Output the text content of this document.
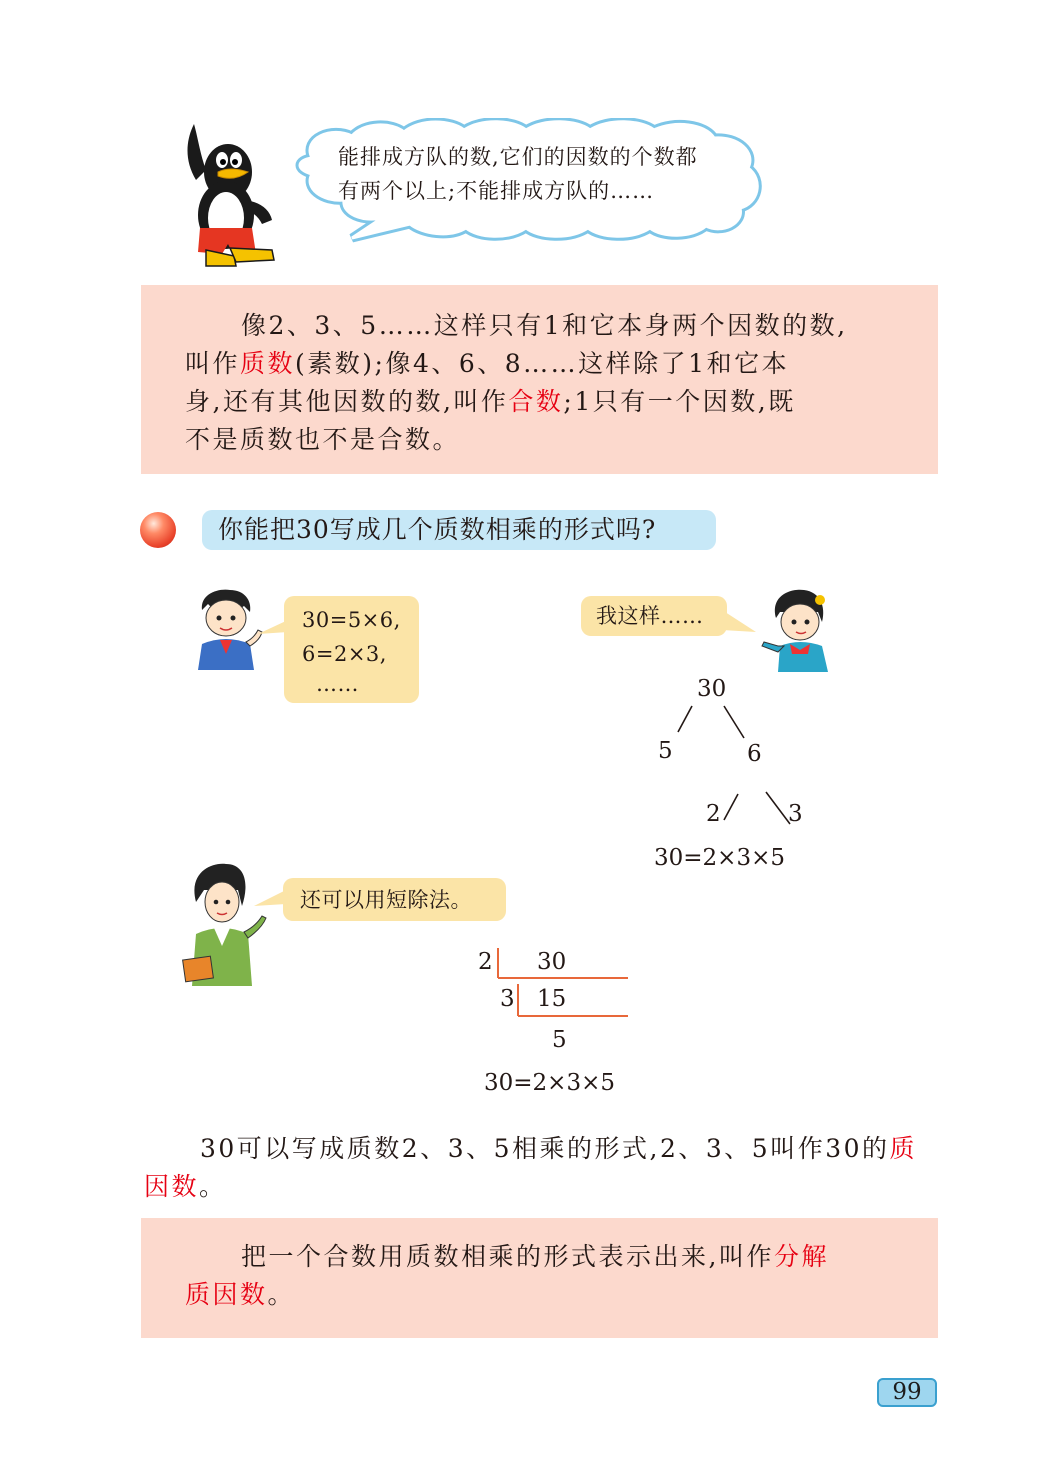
能排成方队的数,它们的因数的个数都
有两个以上;不能排成方队的……
像2、3、5……这样只有1和它本身两个因数的数,
叫作质数(素数);像4、6、8……这样除了1和它本
身,还有其他因数的数,叫作合数;1只有一个因数,既
不是质数也不是合数。
你能把30写成几个质数相乘的形式吗?
30=5×6,
6=2×3,
……
我这样……
30
5	6
2	3
30=2×3×5
还可以用短除法。
2 30
3 15
5
30=2×3×5
30可以写成质数2、3、5相乘的形式,2、3、5叫作30的质
因数。
把一个合数用质数相乘的形式表示出来,叫作分解
质因数。
99
